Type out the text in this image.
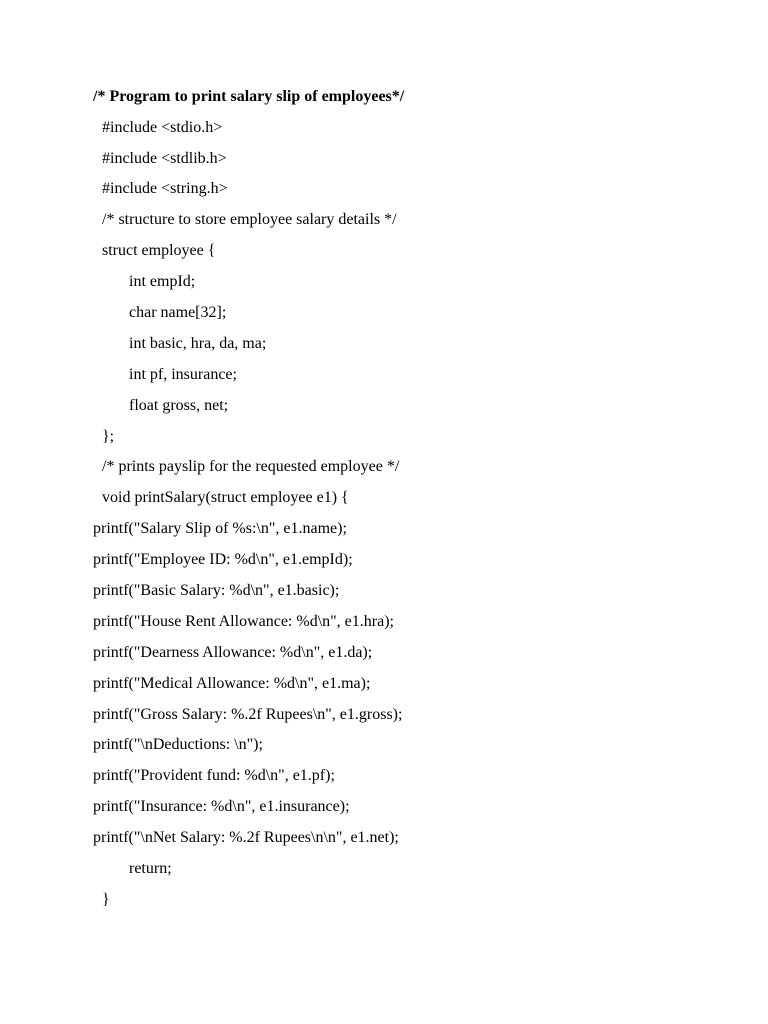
/* Program to print salary slip of employees*/
#include <stdio.h>
#include <stdlib.h>
#include <string.h>
/* structure to store employee salary details */
struct employee {
int empId;
char name[32];
int basic, hra, da, ma;
int pf, insurance;
float gross, net;
};
/* prints payslip for the requested employee */
void printSalary(struct employee e1) {
printf("Salary Slip of %s:\n", e1.name);
printf("Employee ID: %d\n", e1.empId);
printf("Basic Salary: %d\n", e1.basic);
printf("House Rent Allowance: %d\n", e1.hra);
printf("Dearness Allowance: %d\n", e1.da);
printf("Medical Allowance: %d\n", e1.ma);
printf("Gross Salary: %.2f Rupees\n", e1.gross);
printf("\nDeductions: \n");
printf("Provident fund: %d\n", e1.pf);
printf("Insurance: %d\n", e1.insurance);
printf("\nNet Salary: %.2f Rupees\n\n", e1.net);
return;
}
